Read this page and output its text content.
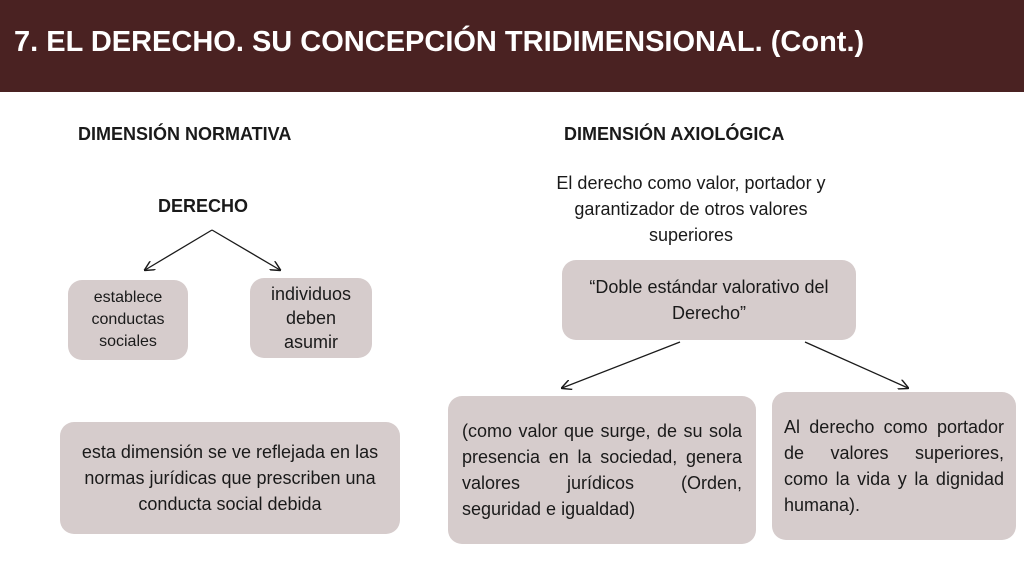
7. EL DERECHO. SU CONCEPCIÓN TRIDIMENSIONAL. (Cont.)
DIMENSIÓN NORMATIVA
DERECHO
establece conductas sociales
individuos deben asumir
esta dimensión se ve reflejada en las normas jurídicas que prescriben una conducta social debida
DIMENSIÓN AXIOLÓGICA
El derecho como valor, portador y garantizador de otros valores superiores
“Doble estándar valorativo del Derecho”
(como valor que surge, de su sola presencia en la sociedad, genera valores jurídicos (Orden, seguridad e igualdad)
Al derecho como portador de valores superiores, como la vida y la dignidad humana).
